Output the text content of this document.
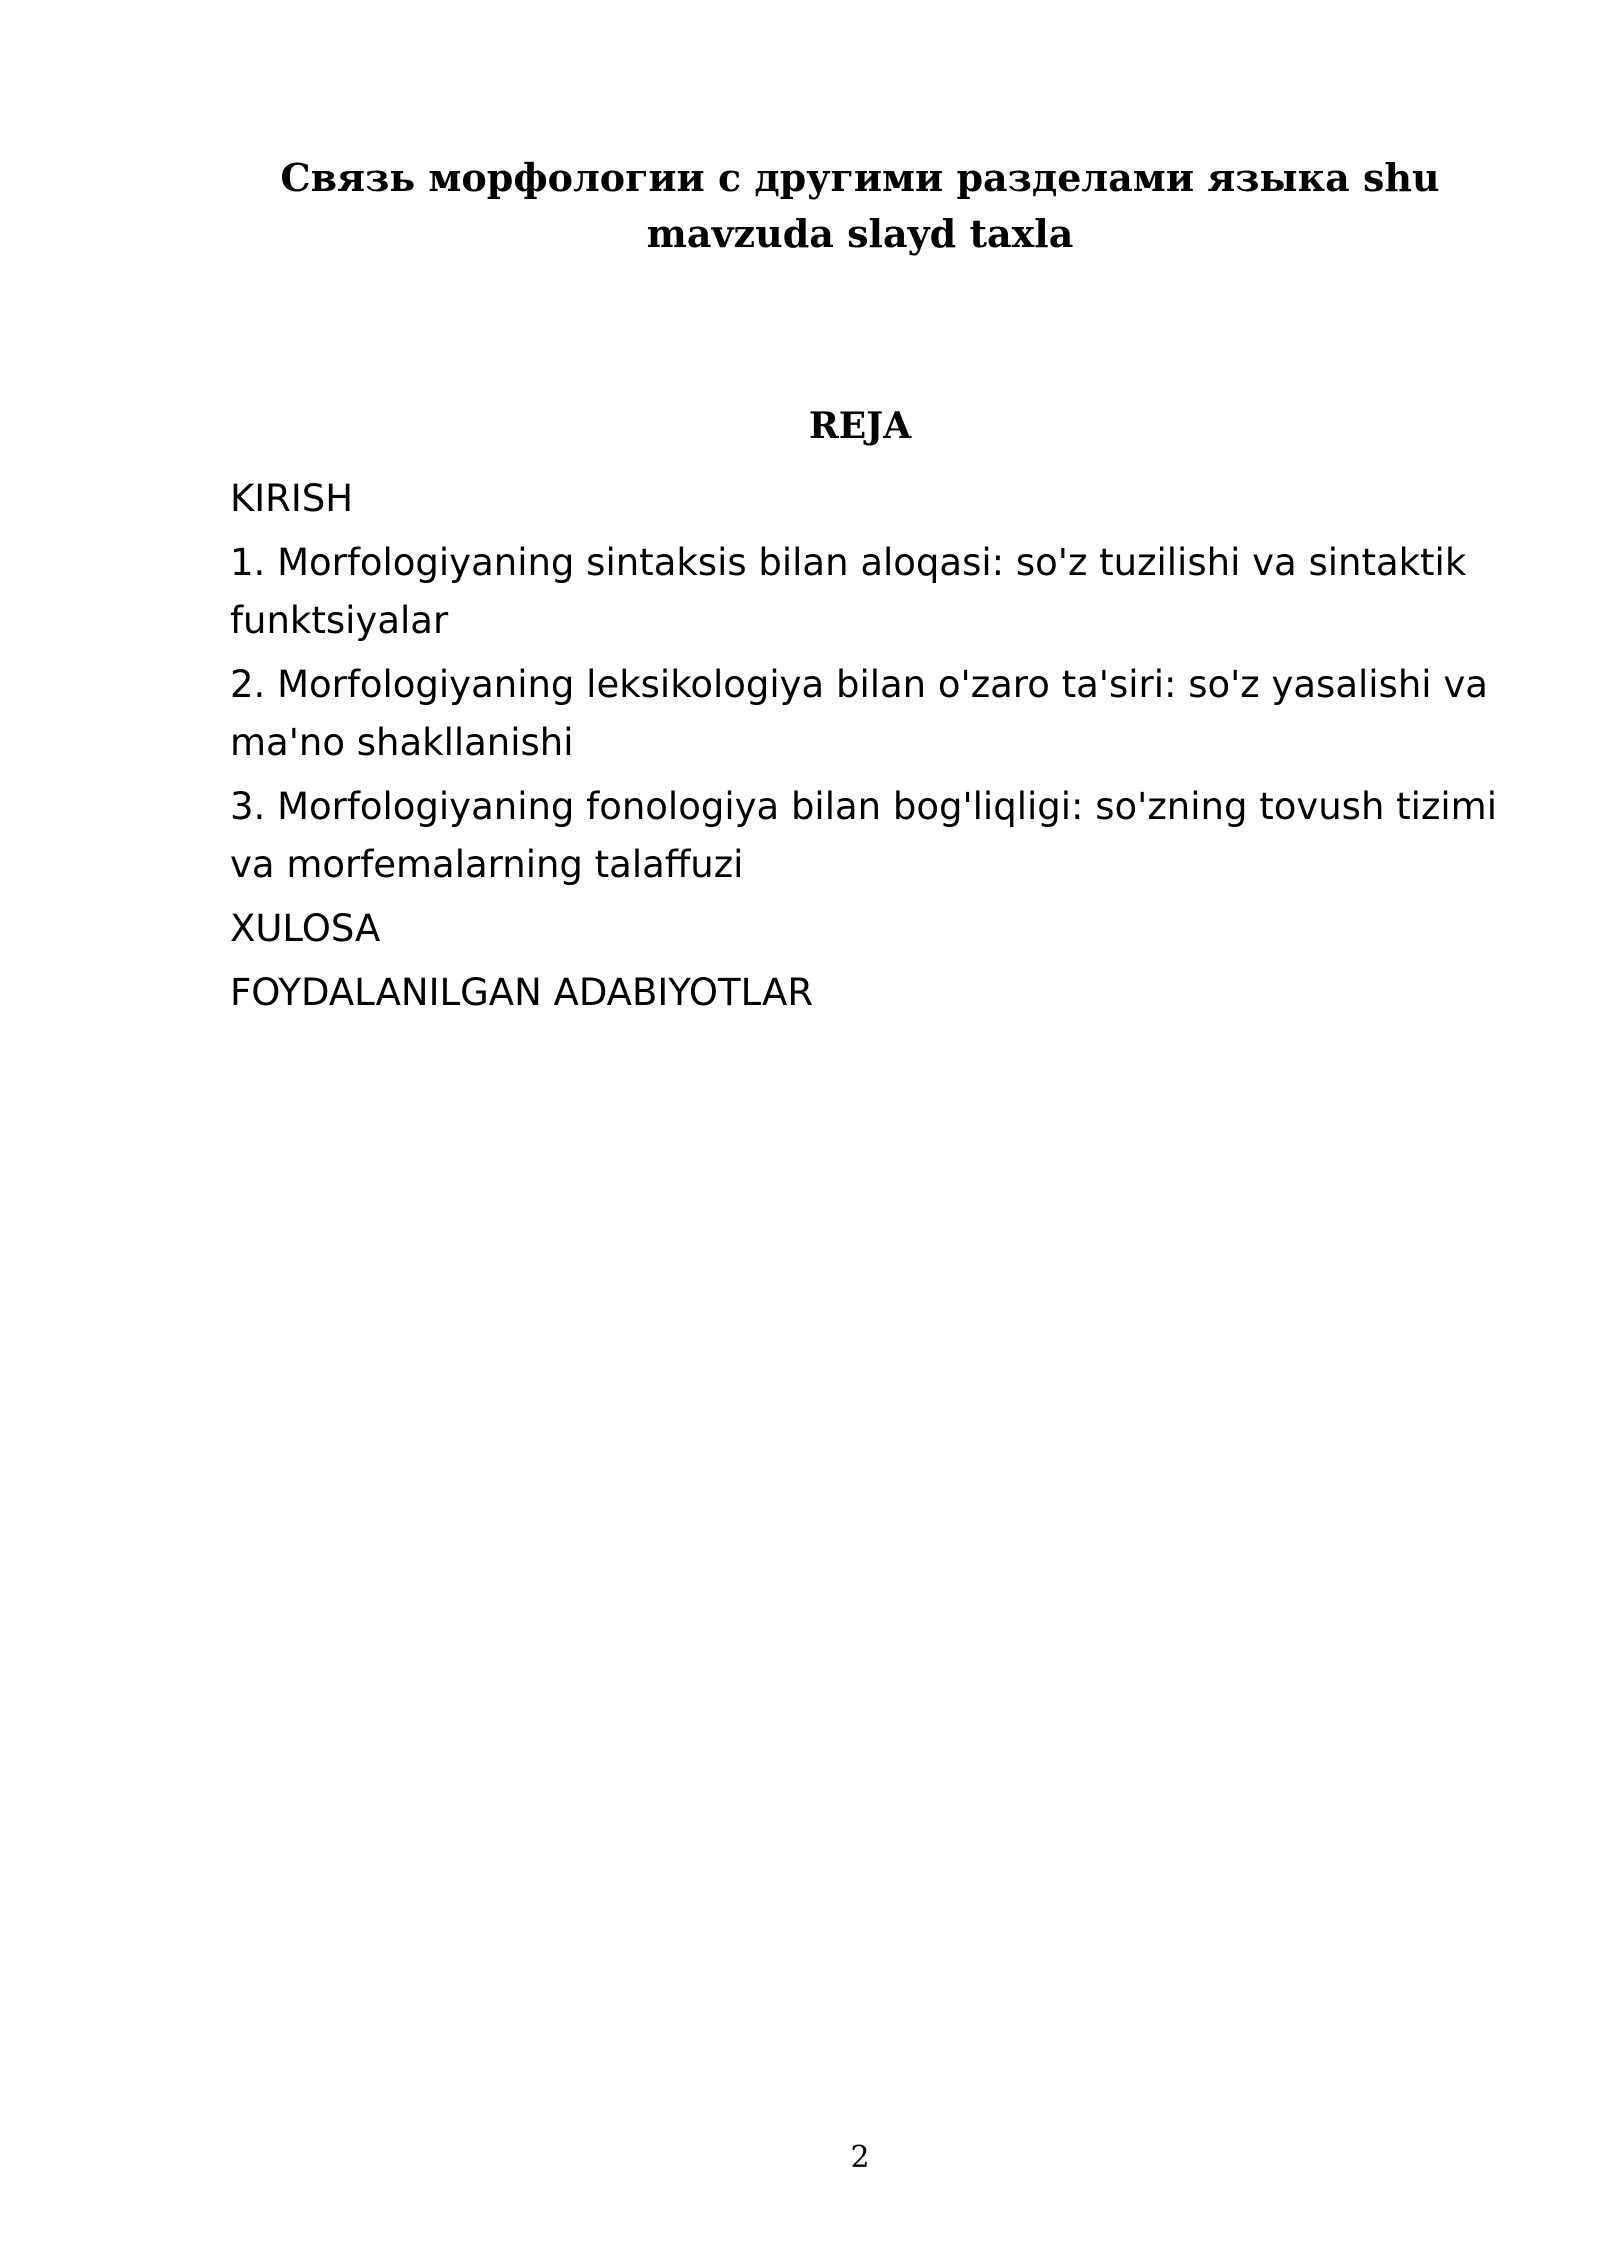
Связь морфологии с другими разделами языка shu mavzuda slayd taxla
REJA
KIRISH
1. Morfologiyaning sintaksis bilan aloqasi: so'z tuzilishi va sintaktik funktsiyalar
2. Morfologiyaning leksikologiya bilan o'zaro ta'siri: so'z yasalishi va ma'no shakllanishi
3. Morfologiyaning fonologiya bilan bog'liqligi: so'zning tovush tizimi va morfemalarning talaffuzi
XULOSA
FOYDALANILGAN ADABIYOTLAR
2
